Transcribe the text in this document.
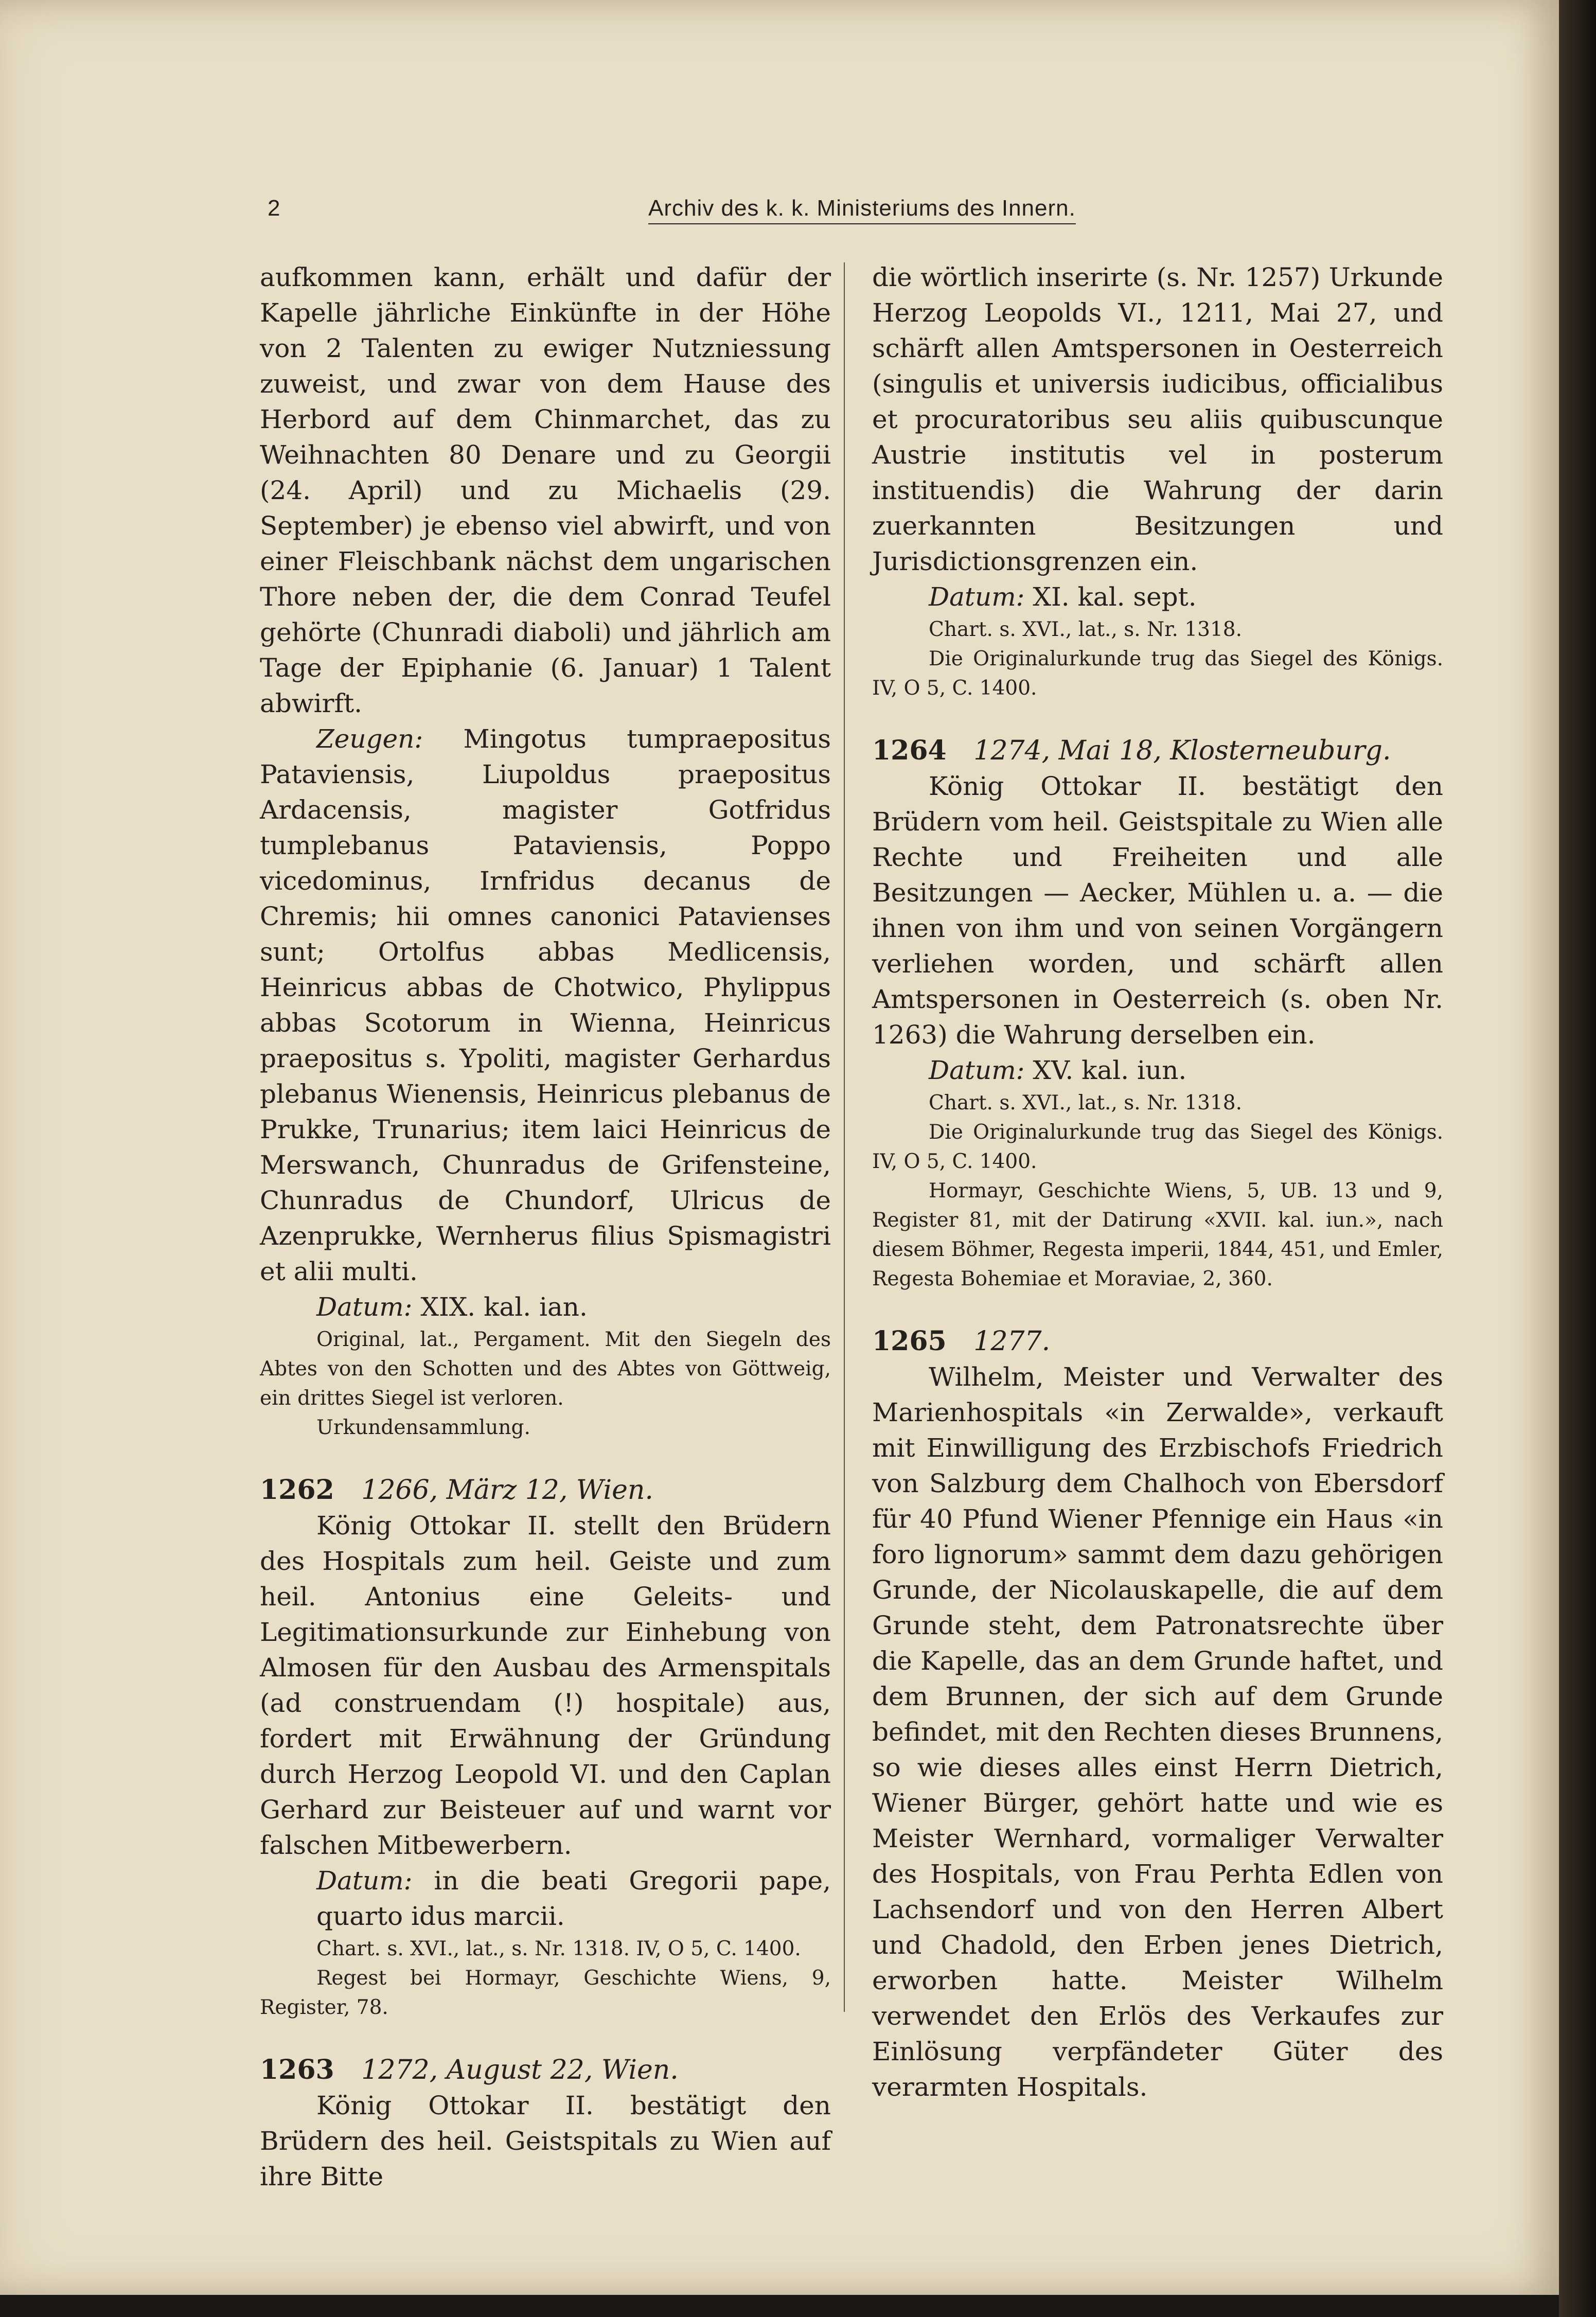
2	Archiv des k. k. Ministeriums des Innern.

aufkommen kann, erhält und dafür der Kapelle jährliche Einkünfte in der Höhe von 2 Talenten zu ewiger Nutzniessung zuweist, und zwar von dem Hause des Herbord auf dem Chinmarchet, das zu Weihnachten 80 Denare und zu Georgii (24. April) und zu Michaelis (29. September) je ebenso viel abwirft, und von einer Fleischbank nächst dem ungarischen Thore neben der, die dem Conrad Teufel gehörte (Chunradi diaboli) und jährlich am Tage der Epiphanie (6. Januar) 1 Talent abwirft.

Zeugen: Mingotus tumpraepositus Pataviensis, Liupoldus praepositus Ardacensis, magister Gotfridus tumplebanus Pataviensis, Poppo vicedominus, Irnfridus decanus de Chremis; hii omnes canonici Patavienses sunt; Ortolfus abbas Medlicensis, Heinricus abbas de Chotwico, Phylippus abbas Scotorum in Wienna, Heinricus praepositus s. Ypoliti, magister Gerhardus plebanus Wienensis, Heinricus plebanus de Prukke, Trunarius; item laici Heinricus de Merswanch, Chunradus de Grifensteine, Chunradus de Chundorf, Ulricus de Azenprukke, Wernherus filius Spismagistri et alii multi.

Datum: XIX. kal. ian.

Original, lat., Pergament. Mit den Siegeln des Abtes von den Schotten und des Abtes von Göttweig, ein drittes Siegel ist verloren.

Urkundensammlung.

1262 1266, März 12, Wien.

König Ottokar II. stellt den Brüdern des Hospitals zum heil. Geiste und zum heil. Antonius eine Geleits- und Legitimationsurkunde zur Einhebung von Almosen für den Ausbau des Armenspitals (ad construendam (!) hospitale) aus, fordert mit Erwähnung der Gründung durch Herzog Leopold VI. und den Caplan Gerhard zur Beisteuer auf und warnt vor falschen Mitbewerbern.

Datum: in die beati Gregorii pape, quarto idus marcii.

Chart. s. XVI., lat., s. Nr. 1318. IV, O 5, C. 1400.

Regest bei Hormayr, Geschichte Wiens, 9, Register, 78.

1263 1272, August 22, Wien.

König Ottokar II. bestätigt den Brüdern des heil. Geistspitals zu Wien auf ihre Bitte

die wörtlich inserirte (s. Nr. 1257) Urkunde Herzog Leopolds VI., 1211, Mai 27, und schärft allen Amtspersonen in Oesterreich (singulis et universis iudicibus, officialibus et procuratoribus seu aliis quibuscunque Austrie institutis vel in posterum instituendis) die Wahrung der darin zuerkannten Besitzungen und Jurisdictionsgrenzen ein.

Datum: XI. kal. sept.

Chart. s. XVI., lat., s. Nr. 1318.

Die Originalurkunde trug das Siegel des Königs. IV, O 5, C. 1400.

1264 1274, Mai 18, Klosterneuburg.

König Ottokar II. bestätigt den Brüdern vom heil. Geistspitale zu Wien alle Rechte und Freiheiten und alle Besitzungen — Aecker, Mühlen u. a. — die ihnen von ihm und von seinen Vorgängern verliehen worden, und schärft allen Amtspersonen in Oesterreich (s. oben Nr. 1263) die Wahrung derselben ein.

Datum: XV. kal. iun.

Chart. s. XVI., lat., s. Nr. 1318.

Die Originalurkunde trug das Siegel des Königs. IV, O 5, C. 1400.

Hormayr, Geschichte Wiens, 5, UB. 13 und 9, Register 81, mit der Datirung «XVII. kal. iun.», nach diesem Böhmer, Regesta imperii, 1844, 451, und Emler, Regesta Bohemiae et Moraviae, 2, 360.

1265 1277.

Wilhelm, Meister und Verwalter des Marienhospitals «in Zerwalde», verkauft mit Einwilligung des Erzbischofs Friedrich von Salzburg dem Chalhoch von Ebersdorf für 40 Pfund Wiener Pfennige ein Haus «in foro lignorum» sammt dem dazu gehörigen Grunde, der Nicolauskapelle, die auf dem Grunde steht, dem Patronatsrechte über die Kapelle, das an dem Grunde haftet, und dem Brunnen, der sich auf dem Grunde befindet, mit den Rechten dieses Brunnens, so wie dieses alles einst Herrn Dietrich, Wiener Bürger, gehört hatte und wie es Meister Wernhard, vormaliger Verwalter des Hospitals, von Frau Perhta Edlen von Lachsendorf und von den Herren Albert und Chadold, den Erben jenes Dietrich, erworben hatte. Meister Wilhelm verwendet den Erlös des Verkaufes zur Einlösung verpfändeter Güter des verarmten Hospitals.
